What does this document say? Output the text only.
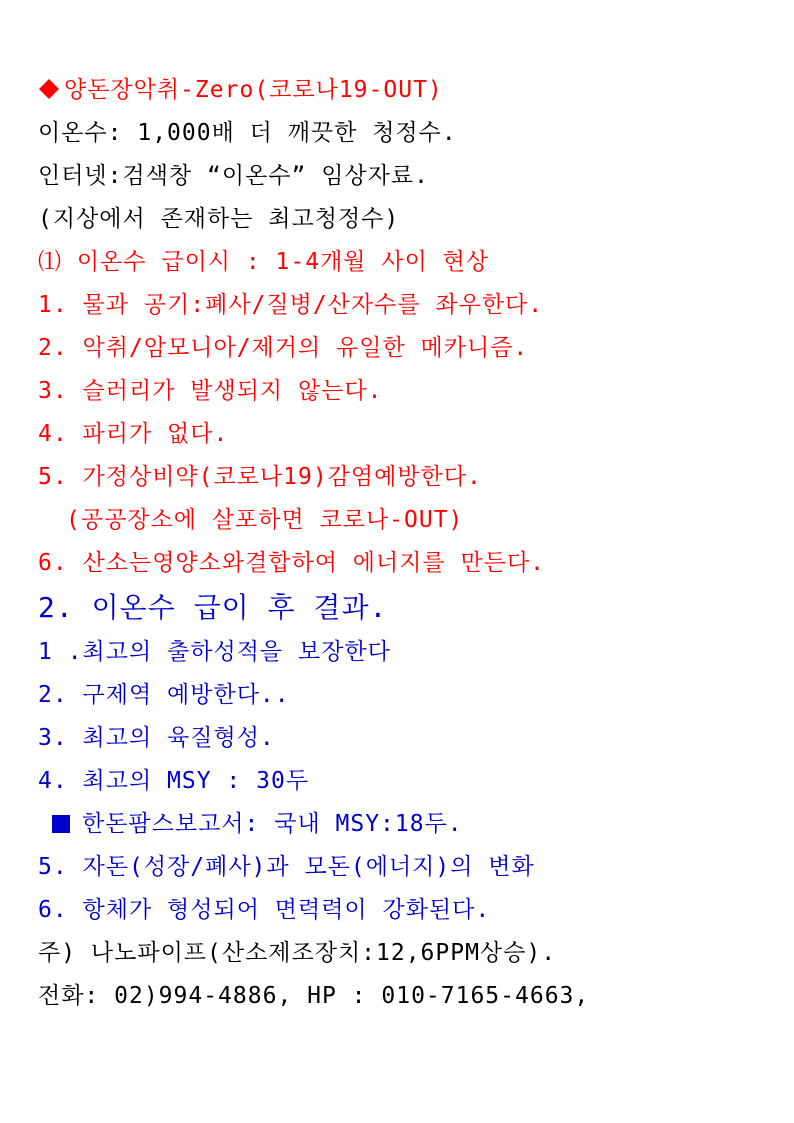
양돈장악취-Zero(코로나19-OUT)
이온수: 1,000배 더 깨끗한 청정수.
인터넷:검색창 “이온수” 임상자료.
(지상에서 존재하는 최고청정수)
⑴ 이온수 급이시 : 1-4개월 사이 현상
1. 물과 공기:폐사/질병/산자수를 좌우한다.
2. 악취/암모니아/제거의 유일한 메카니즘.
3. 슬러리가 발생되지 않는다.
4. 파리가 없다.
5. 가정상비약(코로나19)감염예방한다.
(공공장소에 살포하면 코로나-OUT)
6. 산소는영양소와결합하여 에너지를 만든다.
2. 이온수 급이 후 결과.
1 .최고의 출하성적을 보장한다
2. 구제역 예방한다..
3. 최고의 육질형성.
4. 최고의 MSY : 30두
한돈팜스보고서: 국내 MSY:18두.
5. 자돈(성장/폐사)과 모돈(에너지)의 변화
6. 항체가 형성되어 면력력이 강화된다.
주) 나노파이프(산소제조장치:12,6PPM상승).
전화: 02)994-4886, HP : 010-7165-4663,
